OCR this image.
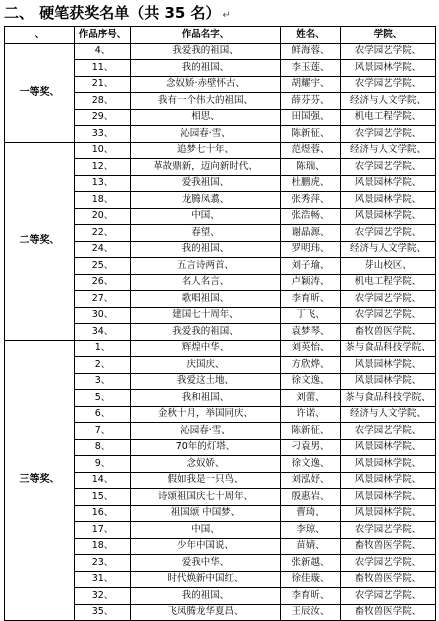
二、 硬笔获奖名单（共 35 名） ↵
、	作品序号、	作品名字、	姓名、	学院、
一等奖、	4、	我爱我的祖国、	鲜海蓉、	农学园艺学院、
	11、	我的祖国、	李玉莲、	风景园林学院、
	21、	念奴娇·赤壁怀古、	胡耀宇、	农学园艺学院、
	28、	我有一个伟大的祖国、	薛芬芬、	经济与人文学院、
	29、	相思、	田国强、	机电工程学院、
	33、	沁园春·雪、	陈新征、	农学园艺学院、
二等奖、	10、	追梦七十年、	范煜蓉、	经济与人文学院、
	12、	革故鼎新，迈向新时代、	陈瑞、	农学园艺学院、
	13、	爱我祖国、	杜鹏虎、	风景园林学院、
	18、	龙腾凤翥、	张秀萍、	风景园林学院、
	20、	中国、	张浩畅、	风景园林学院、
	22、	春望、	谢晶源、	农学园艺学院、
	24、	我的祖国、	罗明玮、	经济与人文学院、
	25、	五言诗两首、	刘子瑜、	芽山校区、
	26、	名人名言、	卢颖涛、	机电工程学院、
	27、	歌唱祖国、	李育昕、	农学园艺学院、
	30、	建国七十周年、	丁飞、	农学园艺学院、
	34、	我爱我的祖国、	袁梦琴、	畜牧兽医学院、
三等奖、	1、	辉煌中华、	刘英怡、	茶与食品科技学院、
	2、	庆国庆、	方欣烨、	风景园林学院、
	3、	我爱这土地、	徐文逸、	风景园林学院、
	5、	我和祖国、	刘蕾、	茶与食品科技学院、
	6、	金秋十月，举国同庆、	许诺、	经济与人文学院、
	7、	沁园春·雪、	陈新征、	农学园艺学院、
	8、	70年的灯塔、	刁袁男、	风景园林学院、
	9、	念奴娇、	徐文逸、	风景园林学院、
	14、	假如我是一只鸟、	刘泓妤、	风景园林学院、
	15、	诗颂祖国庆七十周年、	殷惠岩、	风景园林学院、
	16、	祖国颂 中国梦、	曹琦、	风景园林学院、
	17、	中国、	李琼、	农学园艺学院、
	18、	少年中国说、	苗婧、	畜牧兽医学院、
	23、	爱我中华、	张新越、	农学园艺学院、
	31、	时代焕新中国红、	徐佳璇、	畜牧兽医学院、
	32、	我的祖国、	李育昕、	农学园艺学院、
	35、	飞凤腾龙华夏昌、	王辰汝、	畜牧兽医学院、
